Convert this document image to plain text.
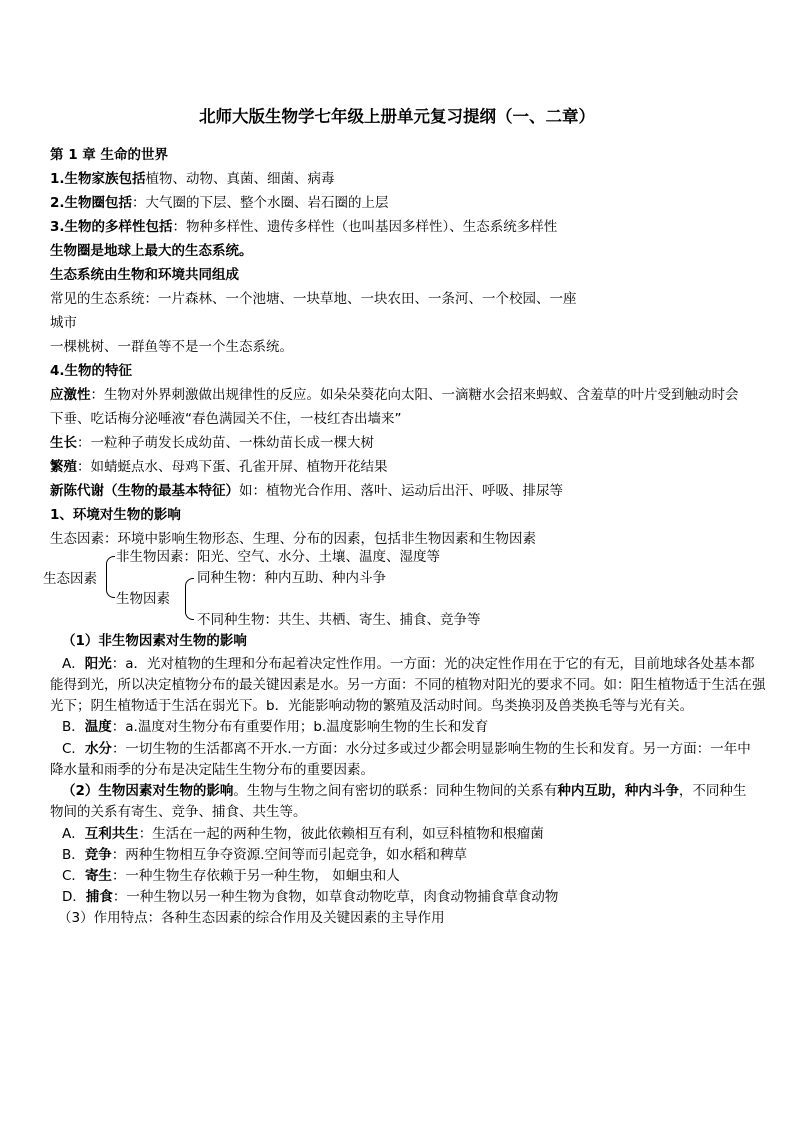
北师大版生物学七年级上册单元复习提纲（一、二章）
第 1 章 生命的世界
1.生物家族包括植物、动物、真菌、细菌、病毒
2.生物圈包括：大气圈的下层、整个水圈、岩石圈的上层
3.生物的多样性包括：物种多样性、遗传多样性（也叫基因多样性）、生态系统多样性
生物圈是地球上最大的生态系统。
生态系统由生物和环境共同组成
常见的生态系统：一片森林、一个池塘、一块草地、一块农田、一条河、一个校园、一座
城市
一棵桃树、一群鱼等不是一个生态系统。
4.生物的特征
应激性：生物对外界刺激做出规律性的反应。如朵朵葵花向太阳、一滴糖水会招来蚂蚁、含羞草的叶片受到触动时会
下垂、吃话梅分泌唾液“春色满园关不住，一枝红杏出墙来”
生长：一粒种子萌发长成幼苗、一株幼苗长成一棵大树
繁殖：如蜻蜓点水、母鸡下蛋、孔雀开屏、植物开花结果
新陈代谢（生物的最基本特征）如：植物光合作用、落叶、运动后出汗、呼吸、排尿等
1、环境对生物的影响
生态因素：环境中影响生物形态、生理、分布的因素，包括非生物因素和生物因素
生态因素
非生物因素：阳光、空气、水分、土壤、温度、湿度等
生物因素
同种生物：种内互助、种内斗争
不同种生物：共生、共栖、寄生、捕食、竞争等
（1）非生物因素对生物的影响
A．阳光：a．光对植物的生理和分布起着决定性作用。一方面：光的决定性作用在于它的有无，目前地球各处基本都
能得到光，所以决定植物分布的最关键因素是水。另一方面：不同的植物对阳光的要求不同。如：阳生植物适于生活在强
光下；阴生植物适于生活在弱光下。b．光能影响动物的繁殖及活动时间。鸟类换羽及兽类换毛等与光有关。
B．温度：a.温度对生物分布有重要作用；b.温度影响生物的生长和发育
C．水分：一切生物的生活都离不开水.一方面：水分过多或过少都会明显影响生物的生长和发育。另一方面：一年中
降水量和雨季的分布是决定陆生生物分布的重要因素。
（2）生物因素对生物的影响。生物与生物之间有密切的联系：同种生物间的关系有种内互助，种内斗争，不同种生
物间的关系有寄生、竞争、捕食、共生等。
A．互利共生：生活在一起的两种生物，彼此依赖相互有利，如豆科植物和根瘤菌
B．竞争：两种生物相互争夺资源.空间等而引起竞争，如水稻和稗草
C．寄生：一种生物生存依赖于另一种生物， 如蛔虫和人
D．捕食：一种生物以另一种生物为食物，如草食动物吃草，肉食动物捕食草食动物
（3）作用特点：各种生态因素的综合作用及关键因素的主导作用
